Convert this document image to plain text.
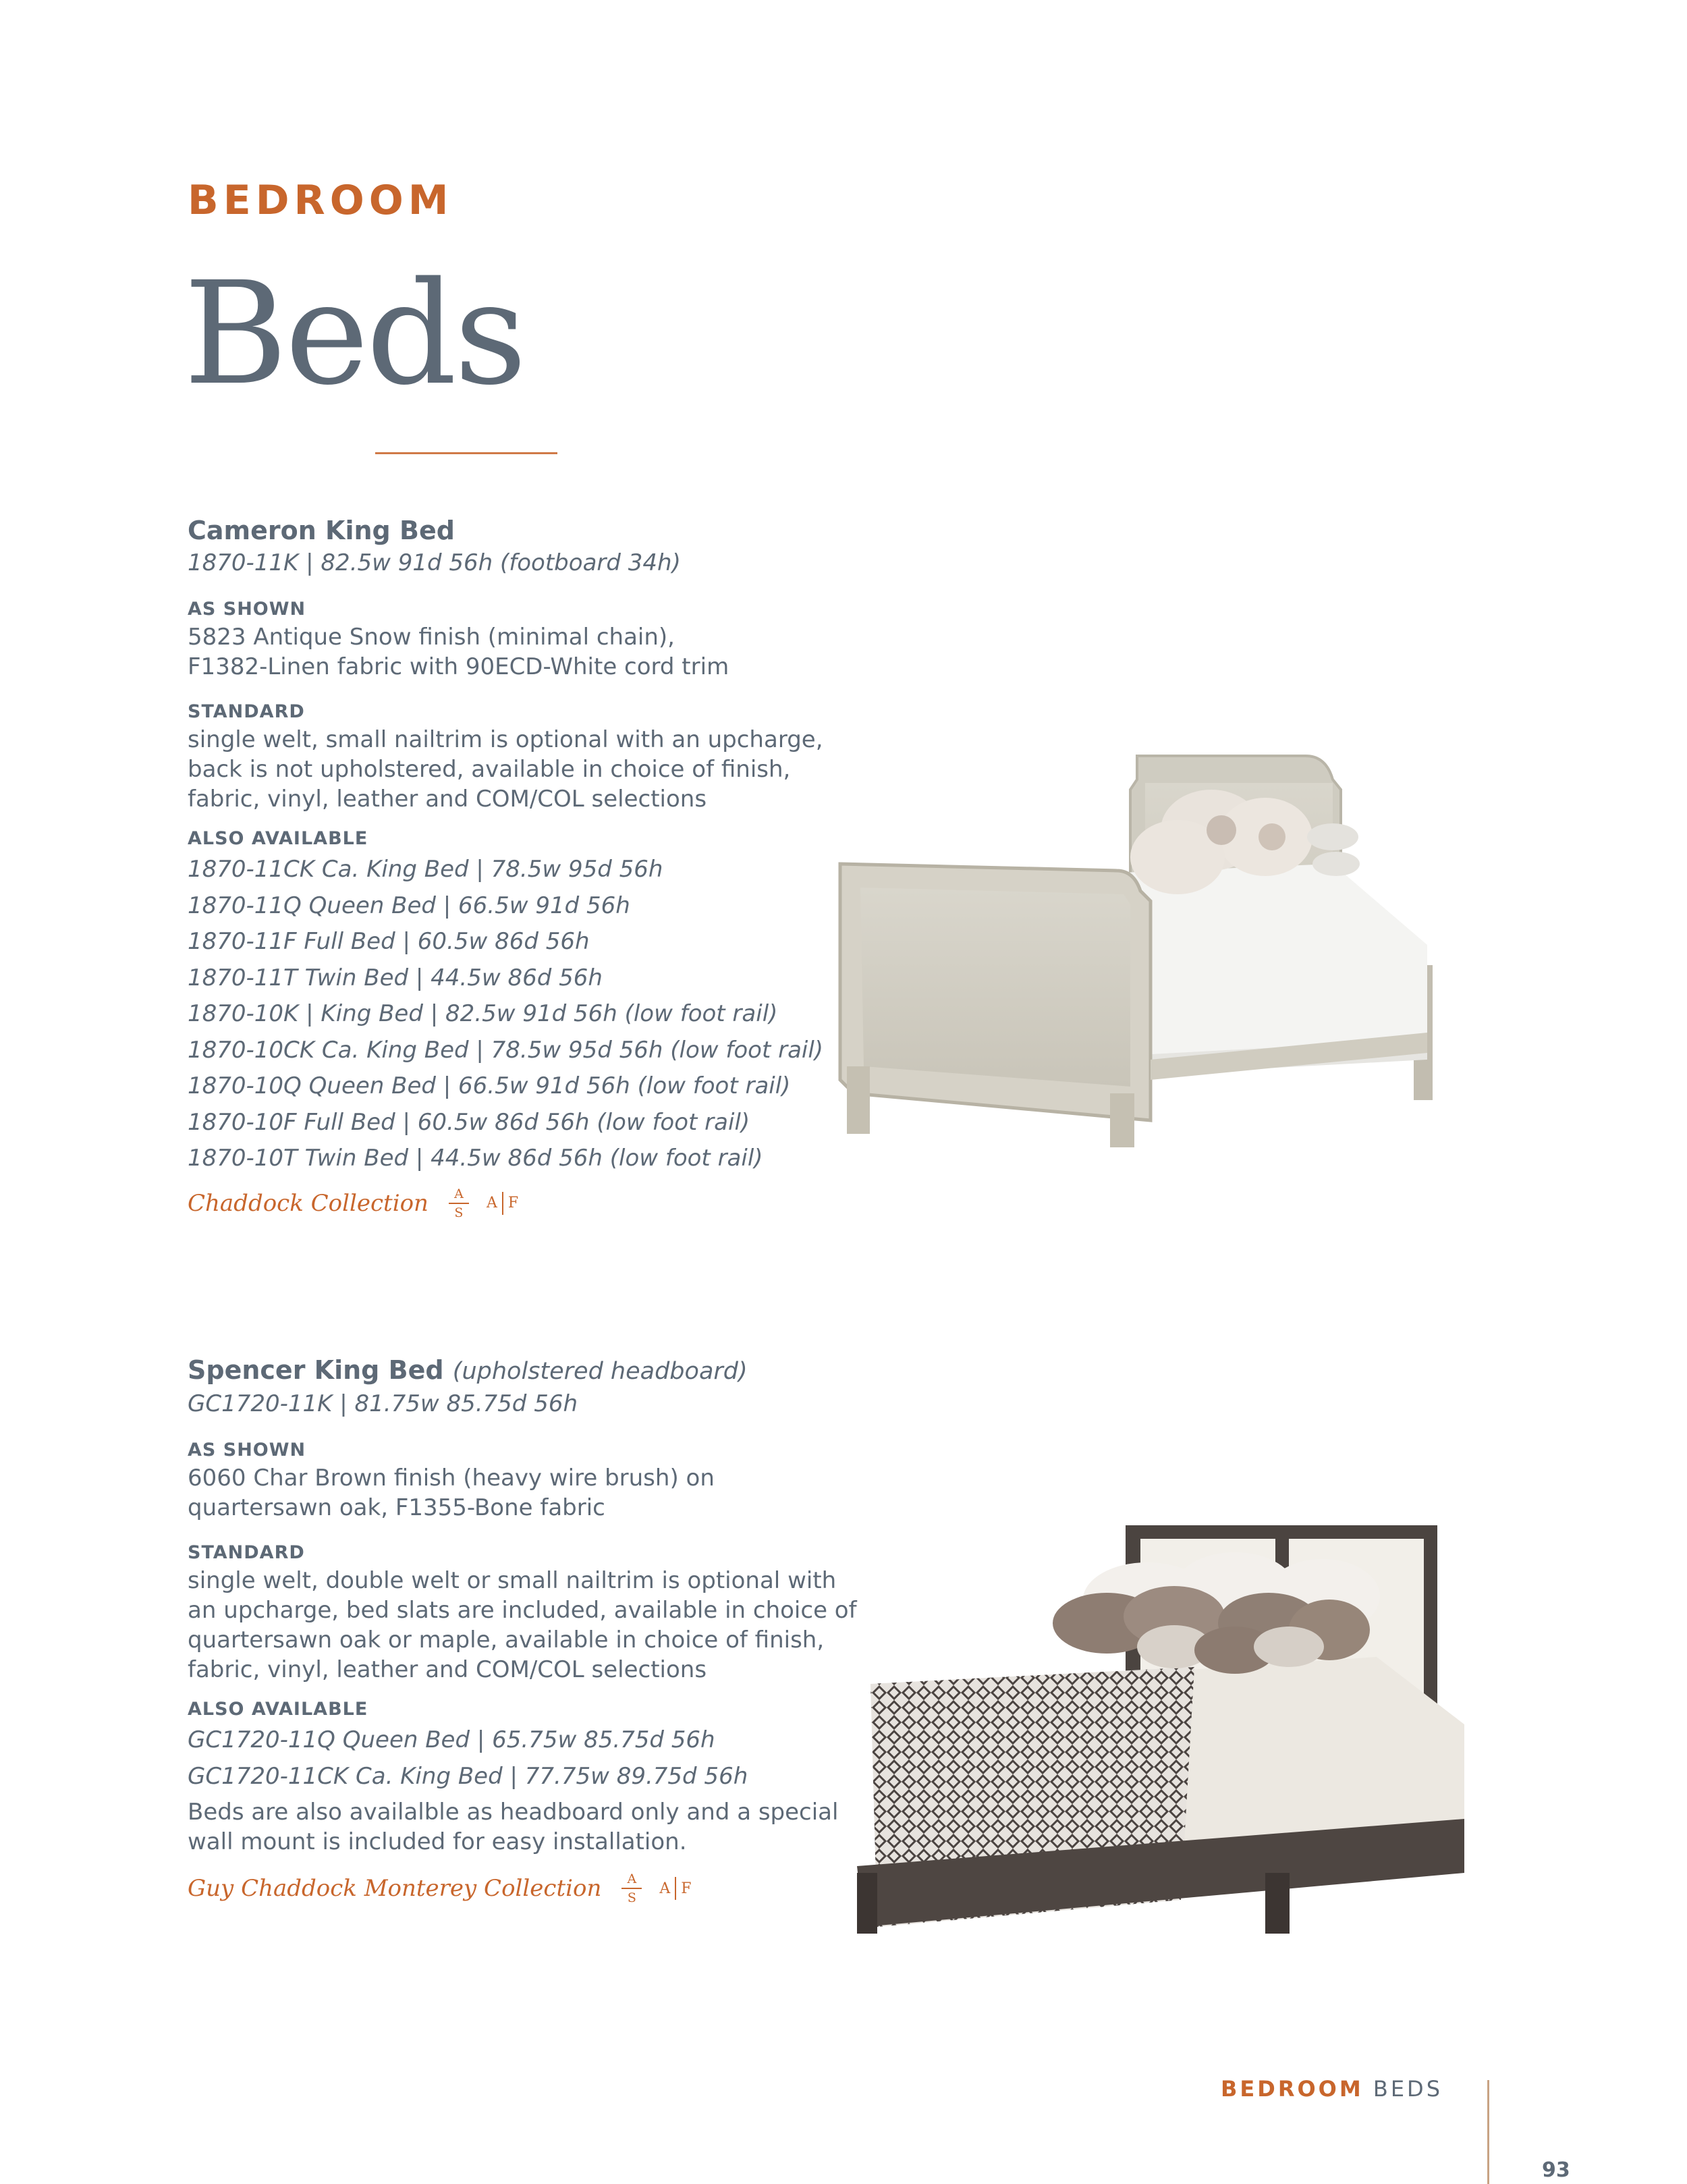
BEDROOM
Beds
Cameron King Bed
1870-11K | 82.5w 91d 56h (footboard 34h)
AS SHOWN
5823 Antique Snow finish (minimal chain),
F1382-Linen fabric with 90ECD-White cord trim
STANDARD
single welt, small nailtrim is optional with an upcharge,
back is not upholstered, available in choice of finish,
fabric, vinyl, leather and COM/COL selections
ALSO AVAILABLE
1870-11CK Ca. King Bed | 78.5w 95d 56h
1870-11Q Queen Bed | 66.5w 91d 56h
1870-11F Full Bed | 60.5w 86d 56h
1870-11T Twin Bed | 44.5w 86d 56h
1870-10K | King Bed | 82.5w 91d 56h (low foot rail)
1870-10CK Ca. King Bed | 78.5w 95d 56h (low foot rail)
1870-10Q Queen Bed | 66.5w 91d 56h (low foot rail)
1870-10F Full Bed | 60.5w 86d 56h (low foot rail)
1870-10T Twin Bed | 44.5w 86d 56h (low foot rail)
Chaddock Collection $\frac{A}{S}$ A F
Spencer King Bed (upholstered headboard)
GC1720-11K | 81.75w 85.75d 56h
AS SHOWN
6060 Char Brown finish (heavy wire brush) on
quartersawn oak, F1355-Bone fabric
STANDARD
single welt, double welt or small nailtrim is optional with
an upcharge, bed slats are included, available in choice of
quartersawn oak or maple, available in choice of finish,
fabric, vinyl, leather and COM/COL selections
ALSO AVAILABLE
GC1720-11Q Queen Bed | 65.75w 85.75d 56h
GC1720-11CK Ca. King Bed | 77.75w 89.75d 56h
Beds are also availalble as headboard only and a special
wall mount is included for easy installation.
Guy Chaddock Monterey Collection $\frac{A}{S}$ A F
BEDROOM BEDS
93
